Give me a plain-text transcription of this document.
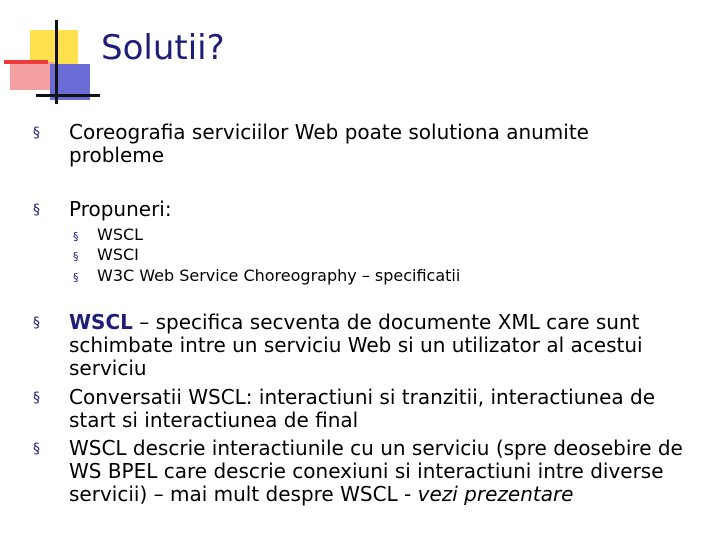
Solutii?
§	Coreografia serviciilor Web poate solutiona anumite probleme
§	Propuneri:
§	WSCL
§	WSCI
§	W3C Web Service Choreography – specificatii
§	WSCL – specifica secventa de documente XML care sunt schimbate intre un serviciu Web si un utilizator al acestui serviciu
§	Conversatii WSCL: interactiuni si tranzitii, interactiunea de start si interactiunea de final
§	WSCL descrie interactiunile cu un serviciu (spre deosebire de WS BPEL care descrie conexiuni si interactiuni intre diverse servicii) – mai mult despre WSCL - vezi prezentare
